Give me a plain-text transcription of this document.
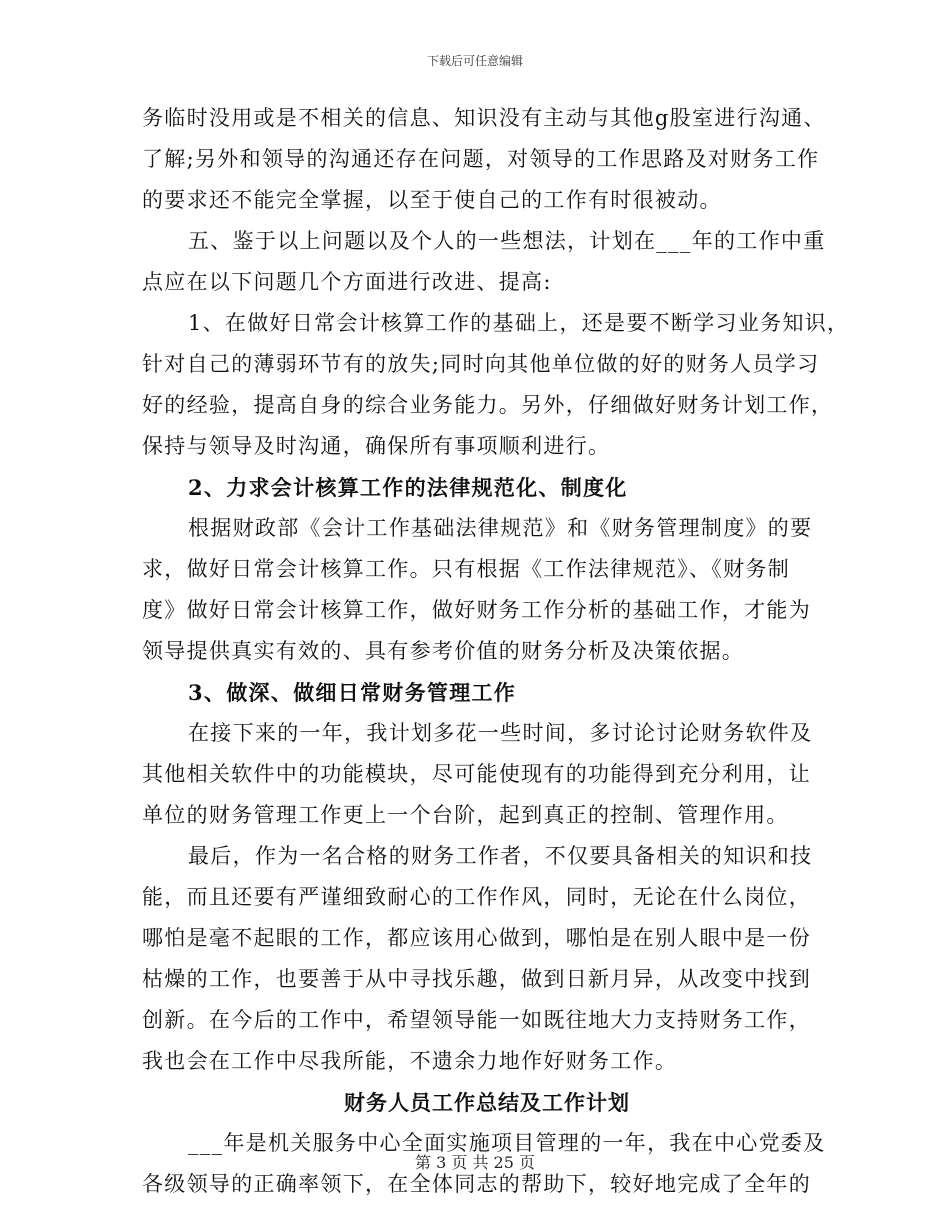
下载后可任意编辑
务临时没用或是不相关的信息、知识没有主动与其他g股室进行沟通、
了解;另外和领导的沟通还存在问题，对领导的工作思路及对财务工作
的要求还不能完全掌握，以至于使自己的工作有时很被动。
五、鉴于以上问题以及个人的一些想法，计划在___年的工作中重
点应在以下问题几个方面进行改进、提高:
1、在做好日常会计核算工作的基础上，还是要不断学习业务知识，
针对自己的薄弱环节有的放失;同时向其他单位做的好的财务人员学习
好的经验，提高自身的综合业务能力。另外，仔细做好财务计划工作，
保持与领导及时沟通，确保所有事项顺利进行。
2、力求会计核算工作的法律规范化、制度化
根据财政部《会计工作基础法律规范》和《财务管理制度》的要
求，做好日常会计核算工作。只有根据《工作法律规范》、《财务制
度》做好日常会计核算工作，做好财务工作分析的基础工作，才能为
领导提供真实有效的、具有参考价值的财务分析及决策依据。
3、做深、做细日常财务管理工作
在接下来的一年，我计划多花一些时间，多讨论讨论财务软件及
其他相关软件中的功能模块，尽可能使现有的功能得到充分利用，让
单位的财务管理工作更上一个台阶，起到真正的控制、管理作用。
最后，作为一名合格的财务工作者，不仅要具备相关的知识和技
能，而且还要有严谨细致耐心的工作作风，同时，无论在什么岗位，
哪怕是毫不起眼的工作，都应该用心做到，哪怕是在别人眼中是一份
枯燥的工作，也要善于从中寻找乐趣，做到日新月异，从改变中找到
创新。在今后的工作中，希望领导能一如既往地大力支持财务工作，
我也会在工作中尽我所能，不遗余力地作好财务工作。
财务人员工作总结及工作计划
___年是机关服务中心全面实施项目管理的一年，我在中心党委及
各级领导的正确率领下，在全体同志的帮助下，较好地完成了全年的
第 3 页 共 25 页
